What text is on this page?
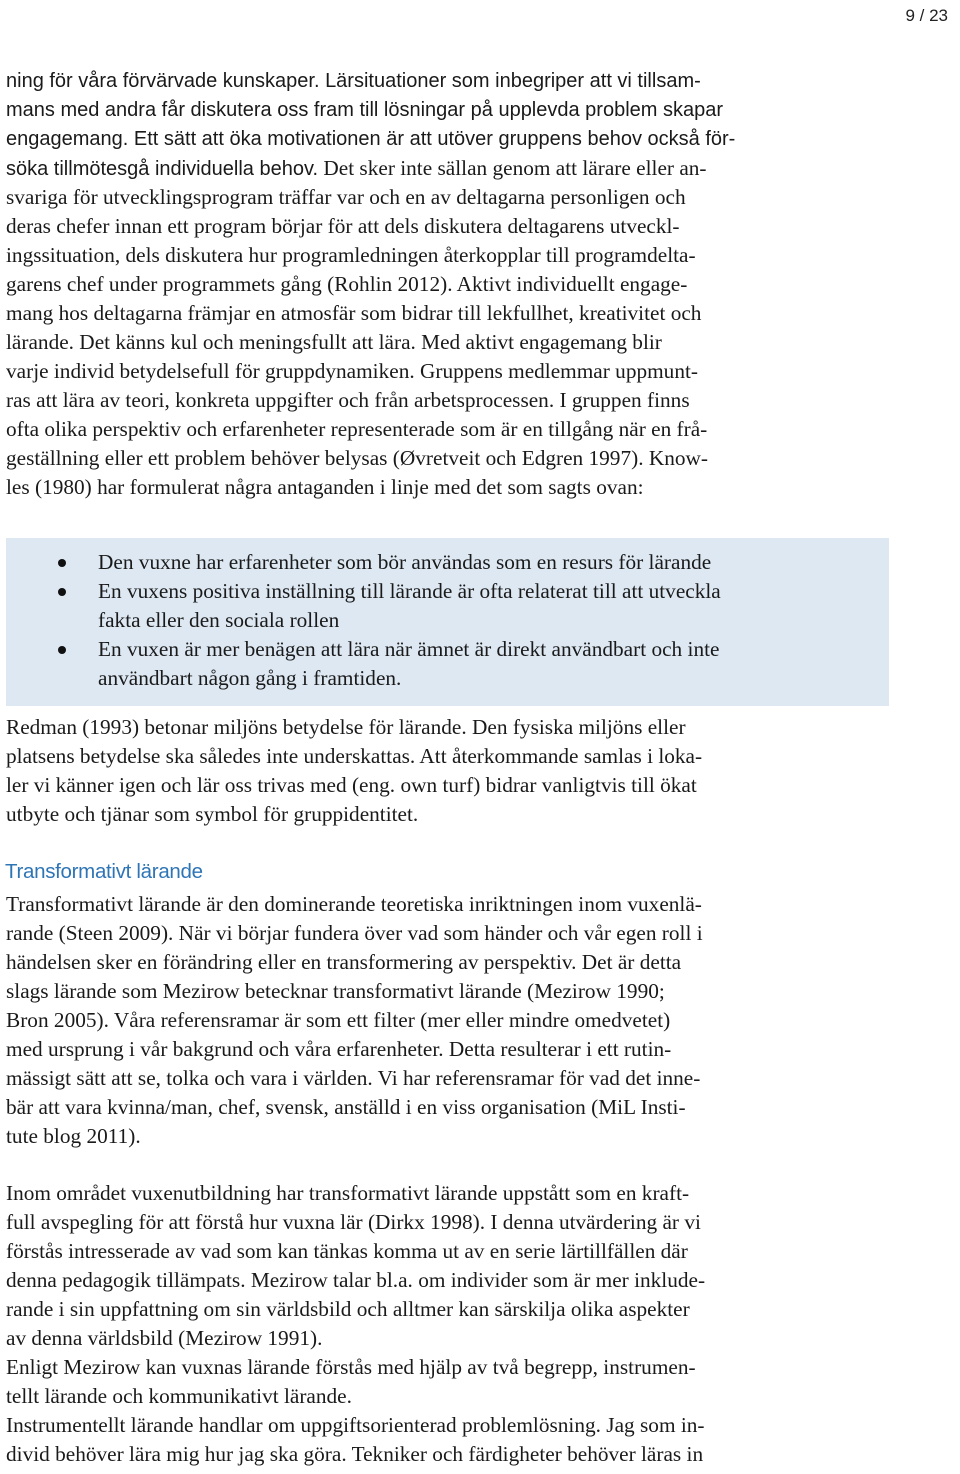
9 / 23
ning för våra förvärvade kunskaper. Lärsituationer som inbegriper att vi tillsam-
mans med andra får diskutera oss fram till lösningar på upplevda problem skapar
engagemang. Ett sätt att öka motivationen är att utöver gruppens behov också för-
söka tillmötesgå individuella behov. Det sker inte sällan genom att lärare eller an-
svariga för utvecklingsprogram träffar var och en av deltagarna personligen och
deras chefer innan ett program börjar för att dels diskutera deltagarens utveckl-
ingssituation, dels diskutera hur programledningen återkopplar till programdelta-
garens chef under programmets gång (Rohlin 2012). Aktivt individuellt engage-
mang hos deltagarna främjar en atmosfär som bidrar till lekfullhet, kreativitet och
lärande. Det känns kul och meningsfullt att lära. Med aktivt engagemang blir
varje individ betydelsefull för gruppdynamiken. Gruppens medlemmar uppmunt-
ras att lära av teori, konkreta uppgifter och från arbetsprocessen. I gruppen finns
ofta olika perspektiv och erfarenheter representerade som är en tillgång när en frå-
geställning eller ett problem behöver belysas (Øvretveit och Edgren 1997). Know-
les (1980) har formulerat några antaganden i linje med det som sagts ovan:
Den vuxne har erfarenheter som bör användas som en resurs för lärande
En vuxens positiva inställning till lärande är ofta relaterat till att utveckla
fakta eller den sociala rollen
En vuxen är mer benägen att lära när ämnet är direkt användbart och inte
användbart någon gång i framtiden.
Redman (1993) betonar miljöns betydelse för lärande. Den fysiska miljöns eller
platsens betydelse ska således inte underskattas. Att återkommande samlas i loka-
ler vi känner igen och lär oss trivas med (eng. own turf) bidrar vanligtvis till ökat
utbyte och tjänar som symbol för gruppidentitet.
Transformativt lärande
Transformativt lärande är den dominerande teoretiska inriktningen inom vuxenlä-
rande (Steen 2009). När vi börjar fundera över vad som händer och vår egen roll i
händelsen sker en förändring eller en transformering av perspektiv. Det är detta
slags lärande som Mezirow betecknar transformativt lärande (Mezirow 1990;
Bron 2005). Våra referensramar är som ett filter (mer eller mindre omedvetet)
med ursprung i vår bakgrund och våra erfarenheter. Detta resulterar i ett rutin-
mässigt sätt att se, tolka och vara i världen. Vi har referensramar för vad det inne-
bär att vara kvinna/man, chef, svensk, anställd i en viss organisation (MiL Insti-
tute blog 2011).
Inom området vuxenutbildning har transformativt lärande uppstått som en kraft-
full avspegling för att förstå hur vuxna lär (Dirkx 1998). I denna utvärdering är vi
förstås intresserade av vad som kan tänkas komma ut av en serie lärtillfällen där
denna pedagogik tillämpats. Mezirow talar bl.a. om individer som är mer inklude-
rande i sin uppfattning om sin världsbild och alltmer kan särskilja olika aspekter
av denna världsbild (Mezirow 1991).
Enligt Mezirow kan vuxnas lärande förstås med hjälp av två begrepp, instrumen-
tellt lärande och kommunikativt lärande.
Instrumentellt lärande handlar om uppgiftsorienterad problemlösning. Jag som in-
divid behöver lära mig hur jag ska göra. Tekniker och färdigheter behöver läras in
